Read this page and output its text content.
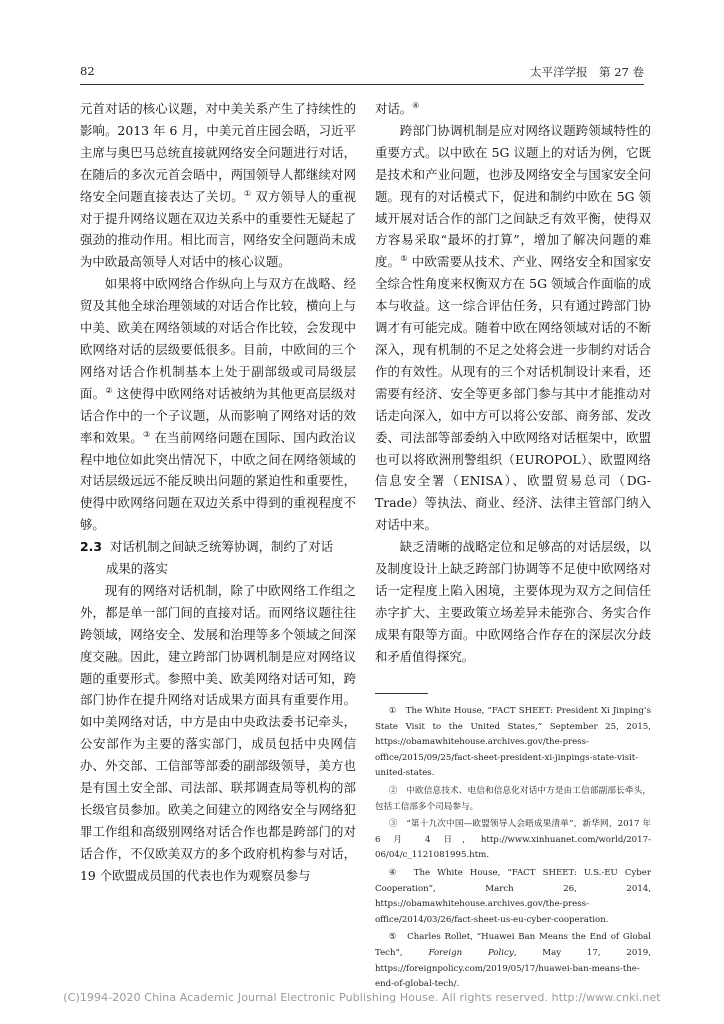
82	太平洋学报　第 27 卷

元首对话的核心议题，对中美关系产生了持续性的影响。2013 年 6 月，中美元首庄园会晤，习近平主席与奥巴马总统直接就网络安全问题进行对话，在随后的多次元首会晤中，两国领导人都继续对网络安全问题直接表达了关切。① 双方领导人的重视对于提升网络议题在双边关系中的重要性无疑起了强劲的推动作用。相比而言，网络安全问题尚未成为中欧最高领导人对话中的核心议题。

如果将中欧网络合作纵向上与双方在战略、经贸及其他全球治理领域的对话合作比较，横向上与中美、欧美在网络领域的对话合作比较，会发现中欧网络对话的层级要低很多。目前，中欧间的三个网络对话合作机制基本上处于副部级或司局级层面。② 这使得中欧网络对话被纳为其他更高层级对话合作中的一个子议题，从而影响了网络对话的效率和效果。③ 在当前网络问题在国际、国内政治议程中地位如此突出情况下，中欧之间在网络领域的对话层级远远不能反映出问题的紧迫性和重要性，使得中欧网络问题在双边关系中得到的重视程度不够。

2.3 对话机制之间缺乏统筹协调，制约了对话
成果的落实

现有的网络对话机制，除了中欧网络工作组之外，都是单一部门间的直接对话。而网络议题往往跨领域，网络安全、发展和治理等多个领域之间深度交融。因此，建立跨部门协调机制是应对网络议题的重要形式。参照中美、欧美网络对话可知，跨部门协作在提升网络对话成果方面具有重要作用。如中美网络对话，中方是由中央政法委书记牵头，公安部作为主要的落实部门，成员包括中央网信办、外交部、工信部等部委的副部级领导，美方也是有国土安全部、司法部、联邦调查局等机构的部长级官员参加。欧美之间建立的网络安全与网络犯罪工作组和高级别网络对话合作也都是跨部门的对话合作，不仅欧美双方的多个政府机构参与对话，19 个欧盟成员国的代表也作为观察员参与

对话。④

跨部门协调机制是应对网络议题跨领域特性的重要方式。以中欧在 5G 议题上的对话为例，它既是技术和产业问题，也涉及网络安全与国家安全问题。现有的对话模式下，促进和制约中欧在 5G 领域开展对话合作的部门之间缺乏有效平衡，使得双方容易采取“最坏的打算”，增加了解决问题的难度。⑤ 中欧需要从技术、产业、网络安全和国家安全综合性角度来权衡双方在 5G 领域合作面临的成本与收益。这一综合评估任务，只有通过跨部门协调才有可能完成。随着中欧在网络领域对话的不断深入，现有机制的不足之处将会进一步制约对话合作的有效性。从现有的三个对话机制设计来看，还需要有经济、安全等更多部门参与其中才能推动对话走向深入，如中方可以将公安部、商务部、发改委、司法部等部委纳入中欧网络对话框架中，欧盟也可以将欧洲刑警组织（EUROPOL）、欧盟网络信息安全署（ENISA）、欧盟贸易总司（DG-Trade）等执法、商业、经济、法律主管部门纳入对话中来。

缺乏清晰的战略定位和足够高的对话层级，以及制度设计上缺乏跨部门协调等不足使中欧网络对话一定程度上陷入困境，主要体现为双方之间信任赤字扩大、主要政策立场差异未能弥合、务实合作成果有限等方面。中欧网络合作存在的深层次分歧和矛盾值得探究。

①　The White House, “FACT SHEET: President Xi Jinping’s State Visit to the United States,” September 25, 2015, https://obamawhitehouse.archives.gov/the-press-office/2015/09/25/fact-sheet-president-xi-jinpings-state-visit-united-states.

②　中欧信息技术、电信和信息化对话中方是由工信部副部长牵头，包括工信部多个司局参与。

③　“第十九次中国—欧盟领导人会晤成果清单”，新华网，2017 年 6 月 4 日，http://www.xinhuanet.com/world/2017-06/04/c_1121081995.htm.

④　The White House, “FACT SHEET: U.S.-EU Cyber Cooperation”, March 26, 2014, https://obamawhitehouse.archives.gov/the-press-office/2014/03/26/fact-sheet-us-eu-cyber-cooperation.

⑤　Charles Rollet, “Huawei Ban Means the End of Global Tech”, Foreign Policy, May 17, 2019, https://foreignpolicy.com/2019/05/17/huawei-ban-means-the-end-of-global-tech/.

(C)1994-2020 China Academic Journal Electronic Publishing House. All rights reserved. http://www.cnki.net
